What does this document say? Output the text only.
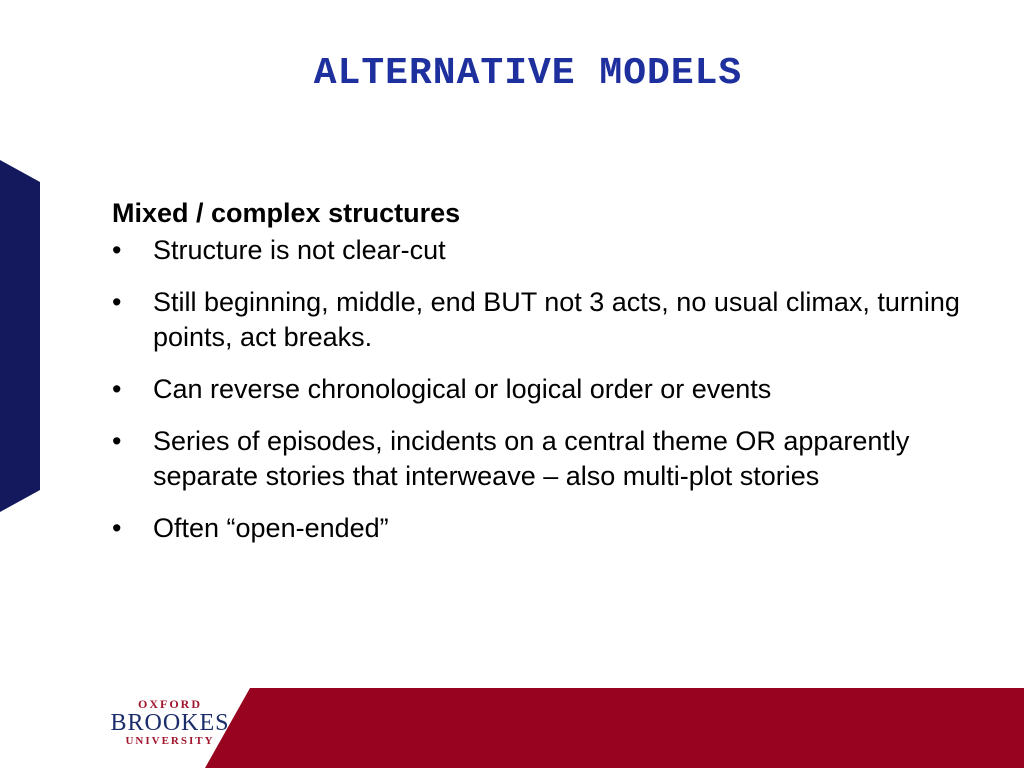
ALTERNATIVE MODELS
Mixed / complex structures
• Structure is not clear-cut
• Still beginning, middle, end BUT not 3 acts, no usual climax, turning points, act breaks.
• Can reverse chronological or logical order or events
• Series of episodes, incidents on a central theme OR apparently separate stories that interweave – also multi-plot stories
• Often “open-ended”
OXFORD
BROOKES
UNIVERSITY
